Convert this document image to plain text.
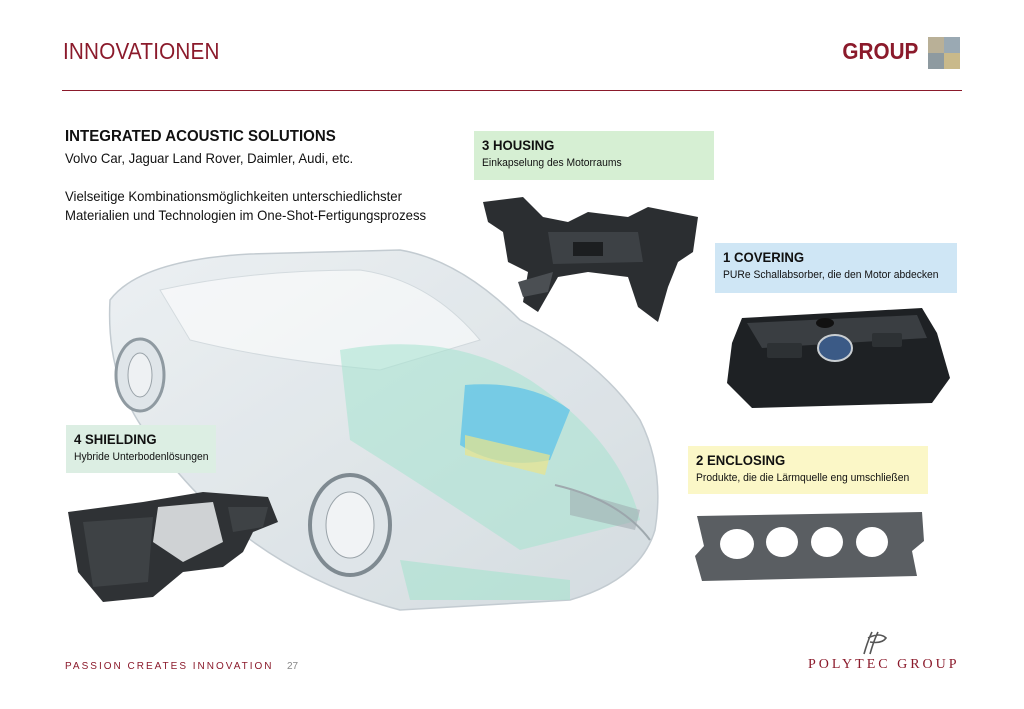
INNOVATIONEN	GROUP
INTEGRATED ACOUSTIC SOLUTIONS
Volvo Car, Jaguar Land Rover, Daimler, Audi, etc.
Vielseitige Kombinationsmöglichkeiten unterschiedlichster
Materialien und Technologien im One-Shot-Fertigungsprozess
3 HOUSING
Einkapselung des Motorraums
1 COVERING
PURe Schallabsorber, die den Motor abdecken
4 SHIELDING
Hybride Unterbodenlösungen	2 ENCLOSING
Produkte, die die Lärmquelle eng umschließen
PASSION CREATES INNOVATION 27	POLYTEC GROUP
